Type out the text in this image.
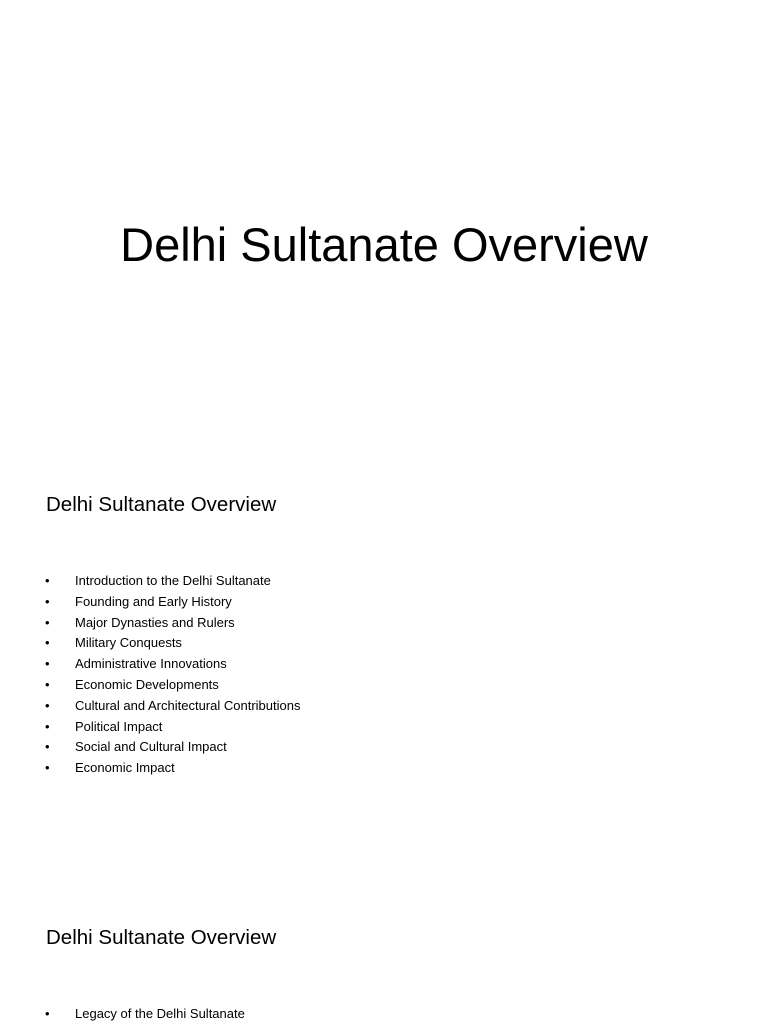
Delhi Sultanate Overview
Delhi Sultanate Overview
• Introduction to the Delhi Sultanate
• Founding and Early History
• Major Dynasties and Rulers
• Military Conquests
• Administrative Innovations
• Economic Developments
• Cultural and Architectural Contributions
• Political Impact
• Social and Cultural Impact
• Economic Impact
Delhi Sultanate Overview
• Legacy of the Delhi Sultanate
